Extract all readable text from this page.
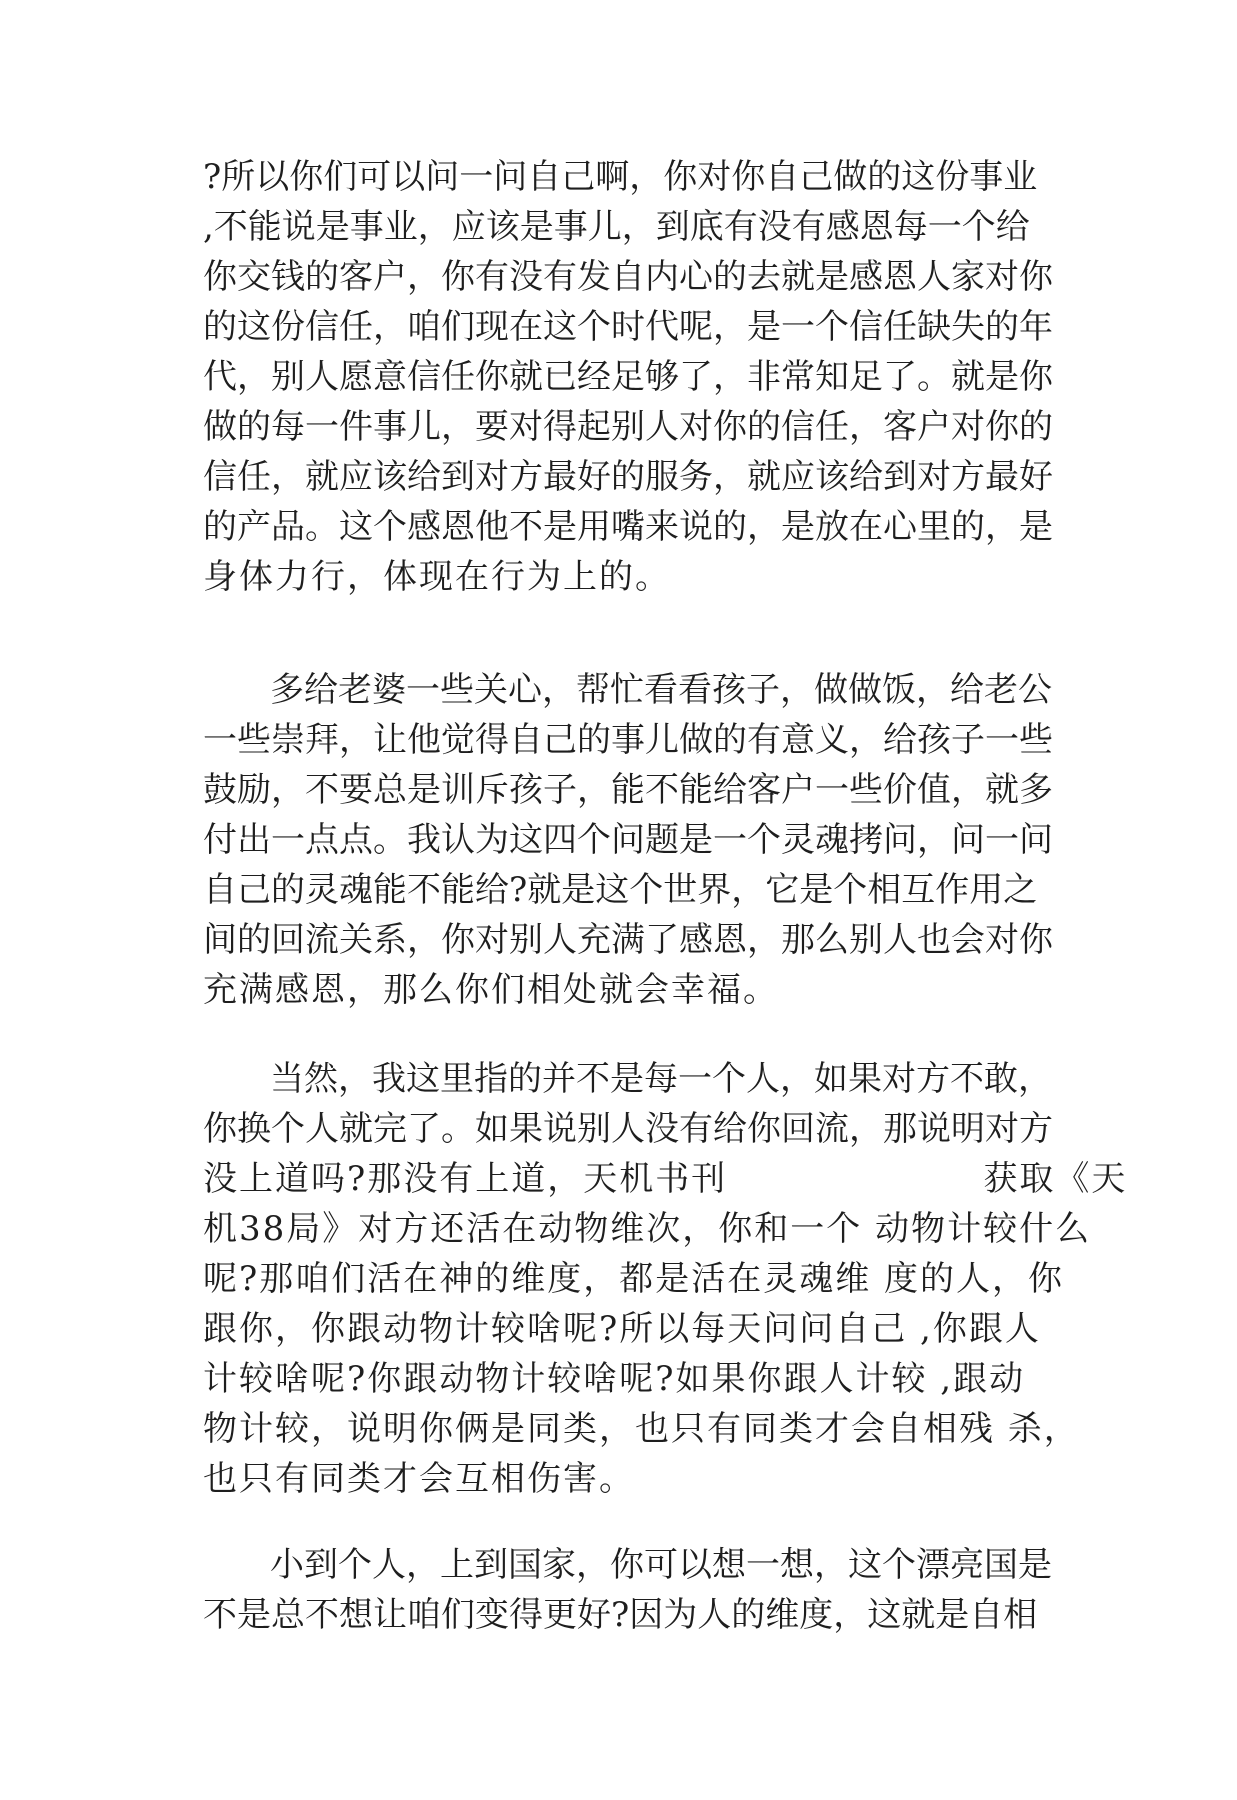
?所以你们可以问一问自己啊，你对你自己做的这份事业

,不能说是事业，应该是事儿，到底有没有感恩每一个给

你交钱的客户，你有没有发自内心的去就是感恩人家对你

的这份信任，咱们现在这个时代呢，是一个信任缺失的年

代，别人愿意信任你就已经足够了，非常知足了。就是你

做的每一件事儿，要对得起别人对你的信任，客户对你的

信任，就应该给到对方最好的服务，就应该给到对方最好

的产品。这个感恩他不是用嘴来说的，是放在心里的，是

身体力行，体现在行为上的。

多给老婆一些关心，帮忙看看孩子，做做饭，给老公

一些崇拜，让他觉得自己的事儿做的有意义，给孩子一些

鼓励，不要总是训斥孩子，能不能给客户一些价值，就多

付出一点点。我认为这四个问题是一个灵魂拷问，问一问

自己的灵魂能不能给?就是这个世界，它是个相互作用之

间的回流关系，你对别人充满了感恩，那么别人也会对你

充满感恩，那么你们相处就会幸福。

当然，我这里指的并不是每一个人，如果对方不敢，

你换个人就完了。如果说别人没有给你回流，那说明对方

没上道吗?那没有上道，天机书刊                    获取《天

机38局》对方还活在动物维次，你和一个 动物计较什么

呢?那咱们活在神的维度，都是活在灵魂维 度的人，你

跟你，你跟动物计较啥呢?所以每天问问自己 ,你跟人

计较啥呢?你跟动物计较啥呢?如果你跟人计较 ,跟动

物计较，说明你俩是同类，也只有同类才会自相残 杀，

也只有同类才会互相伤害。

小到个人，上到国家，你可以想一想，这个漂亮国是

不是总不想让咱们变得更好?因为人的维度，这就是自相
